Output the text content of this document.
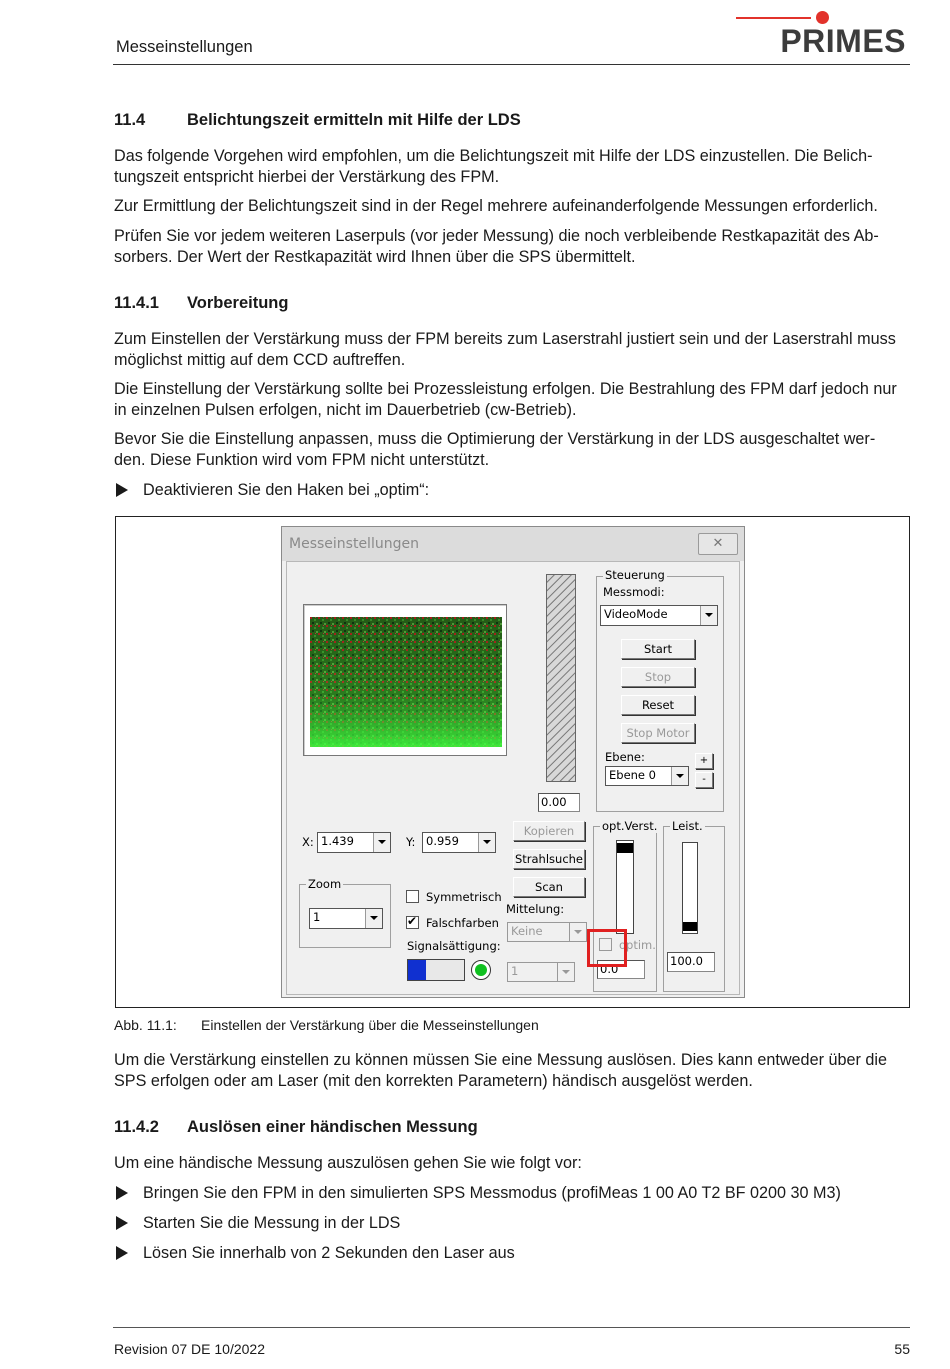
Messeinstellungen	PRIMES
11.4	Belichtungszeit ermitteln mit Hilfe der LDS
Das folgende Vorgehen wird empfohlen, um die Belichtungszeit mit Hilfe der LDS einzustellen. Die Belich-
tungszeit entspricht hierbei der Verstärkung des FPM.
Zur Ermittlung der Belichtungszeit sind in der Regel mehrere aufeinanderfolgende Messungen erforderlich.
Prüfen Sie vor jedem weiteren Laserpuls (vor jeder Messung) die noch verbleibende Restkapazität des Ab-
sorbers. Der Wert der Restkapazität wird Ihnen über die SPS übermittelt.
11.4.1 Vorbereitung
Zum Einstellen der Verstärkung muss der FPM bereits zum Laserstrahl justiert sein und der Laserstrahl muss
möglichst mittig auf dem CCD auftreffen.
Die Einstellung der Verstärkung sollte bei Prozessleistung erfolgen. Die Bestrahlung des FPM darf jedoch nur
in einzelnen Pulsen erfolgen, nicht im Dauerbetrieb (cw-Betrieb).
Bevor Sie die Einstellung anpassen, muss die Optimierung der Verstärkung in der LDS ausgeschaltet wer-
den. Diese Funktion wird vom FPM nicht unterstützt.
Deaktivieren Sie den Haken bei „optim“:
Messeinstellungen	✕
0.00
Steuerung
Messmodi:
VideoMode
Start
Stop
Reset
Stop Motor
Ebene:
Ebene 0
+
-
X: 1.439	Y: 0.959
Kopieren
Strahlsuche
Scan
Zoom
1
Symmetrisch
✔
Falschfarben
Signalsättigung:
Mittelung:
Keine
1
opt.Verst.
optim.
0.0
Leist.
100.0
Abb. 11.1: Einstellen der Verstärkung über die Messeinstellungen
Um die Verstärkung einstellen zu können müssen Sie eine Messung auslösen. Dies kann entweder über die
SPS erfolgen oder am Laser (mit den korrekten Parametern) händisch ausgelöst werden.
11.4.2 Auslösen einer händischen Messung
Um eine händische Messung auszulösen gehen Sie wie folgt vor:
Bringen Sie den FPM in den simulierten SPS Messmodus (profiMeas 1 00 A0 T2 BF 0200 30 M3)
Starten Sie die Messung in der LDS
Lösen Sie innerhalb von 2 Sekunden den Laser aus
Revision 07 DE 10/2022	55
